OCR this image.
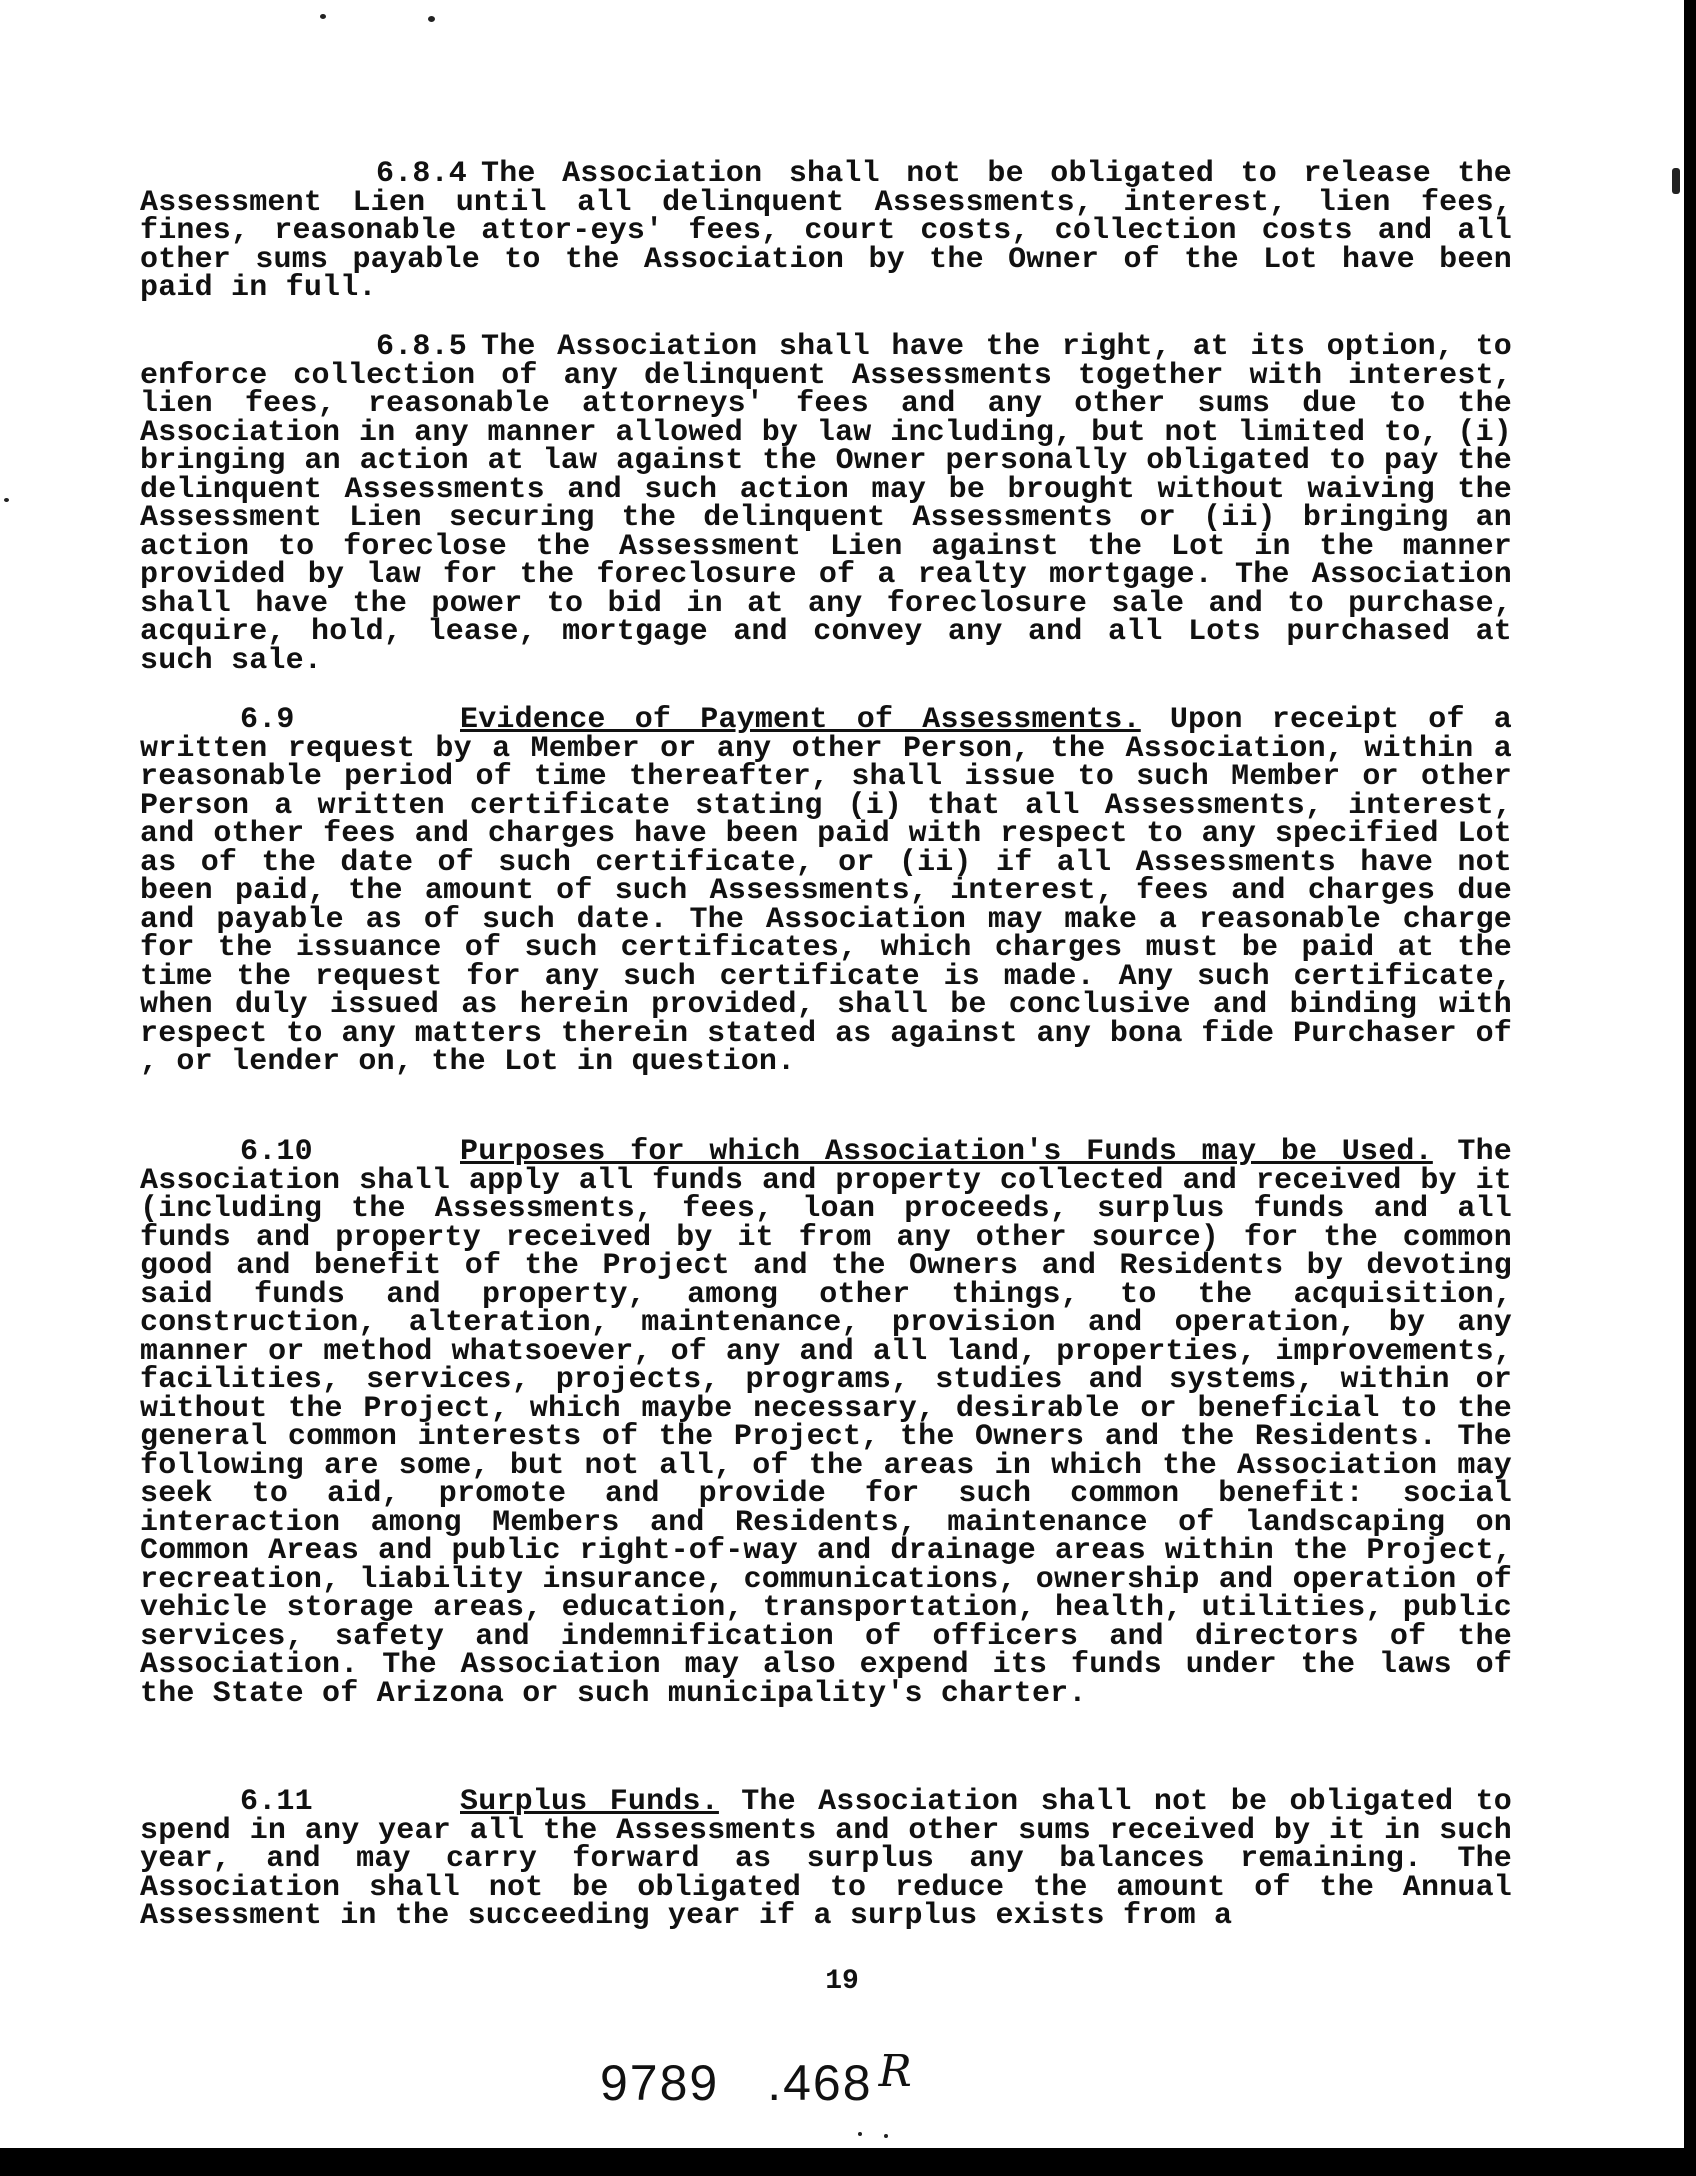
6.8.4 The Association shall not be obligated to release the Assessment Lien until all delinquent Assessments, interest, lien fees, fines, reasonable attor-eys' fees, court costs, collection costs and all other sums payable to the Association by the Owner of the Lot have been paid in full.
6.8.5 The Association shall have the right, at its option, to enforce collection of any delinquent Assessments together with interest, lien fees, reasonable attorneys' fees and any other sums due to the Association in any manner allowed by law including, but not limited to, (i) bringing an action at law against the Owner personally obligated to pay the delinquent Assessments and such action may be brought without waiving the Assessment Lien securing the delinquent Assessments or (ii) bringing an action to foreclose the Assessment Lien against the Lot in the manner provided by law for the foreclosure of a realty mortgage. The Association shall have the power to bid in at any foreclosure sale and to purchase, acquire, hold, lease, mortgage and convey any and all Lots purchased at such sale.
6.9	Evidence of Payment of Assessments. Upon receipt of a written request by a Member or any other Person, the Association, within a reasonable period of time thereafter, shall issue to such Member or other Person a written certificate stating (i) that all Assessments, interest, and other fees and charges have been paid with respect to any specified Lot as of the date of such certificate, or (ii) if all Assessments have not been paid, the amount of such Assessments, interest, fees and charges due and payable as of such date. The Association may make a reasonable charge for the issuance of such certificates, which charges must be paid at the time the request for any such certificate is made. Any such certificate, when duly issued as herein provided, shall be conclusive and binding with respect to any matters therein stated as against any bona fide Purchaser of , or lender on, the Lot in question.
6.10	Purposes for which Association's Funds may be Used. The Association shall apply all funds and property collected and received by it (including the Assessments, fees, loan proceeds, surplus funds and all funds and property received by it from any other source) for the common good and benefit of the Project and the Owners and Residents by devoting said funds and property, among other things, to the acquisition, construction, alteration, maintenance, provision and operation, by any manner or method whatsoever, of any and all land, properties, improvements, facilities, services, projects, programs, studies and systems, within or without the Project, which maybe necessary, desirable or beneficial to the general common interests of the Project, the Owners and the Residents. The following are some, but not all, of the areas in which the Association may seek to aid, promote and provide for such common benefit: social interaction among Members and Residents, maintenance of landscaping on Common Areas and public right-of-way and drainage areas within the Project, recreation, liability insurance, communications, ownership and operation of vehicle storage areas, education, transportation, health, utilities, public services, safety and indemnification of officers and directors of the Association. The Association may also expend its funds under the laws of the State of Arizona or such municipality's charter.
6.11	Surplus Funds. The Association shall not be obligated to spend in any year all the Assessments and other sums received by it in such year, and may carry forward as surplus any balances remaining. The Association shall not be obligated to reduce the amount of the Annual Assessment in the succeeding year if a surplus exists from a
19
9789 .468 R
